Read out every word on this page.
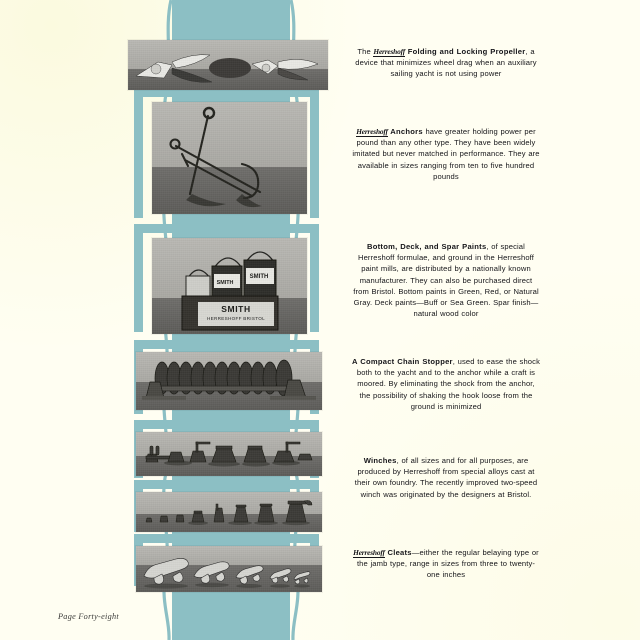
SMITH
HERRESHOFF BRISTOL
SMITH
SMITH
The Herreshoff Folding and Locking Propeller, a device that minimizes wheel drag when an auxiliary sailing yacht is not using power
Herreshoff Anchors have greater holding power per pound than any other type. They have been widely imitated but never matched in performance. They are available in sizes ranging from ten to five hundred pounds
Bottom, Deck, and Spar Paints, of special Herreshoff formulae, and ground in the Herreshoff paint mills, are distributed by a nationally known manufacturer. They can also be purchased direct from Bristol. Bottom paints in Green, Red, or Natural Gray. Deck paints—Buff or Sea Green. Spar finish—natural wood color
A Compact Chain Stopper, used to ease the shock both to the yacht and to the anchor while a craft is moored. By eliminating the shock from the anchor, the possibility of shaking the hook loose from the ground is minimized
Winches, of all sizes and for all purposes, are produced by Herreshoff from special alloys cast at their own foundry. The recently improved two-speed winch was originated by the designers at Bristol.
Herreshoff Cleats—either the regular belaying type or the jamb type, range in sizes from three to twenty-one inches
Page Forty-eight
